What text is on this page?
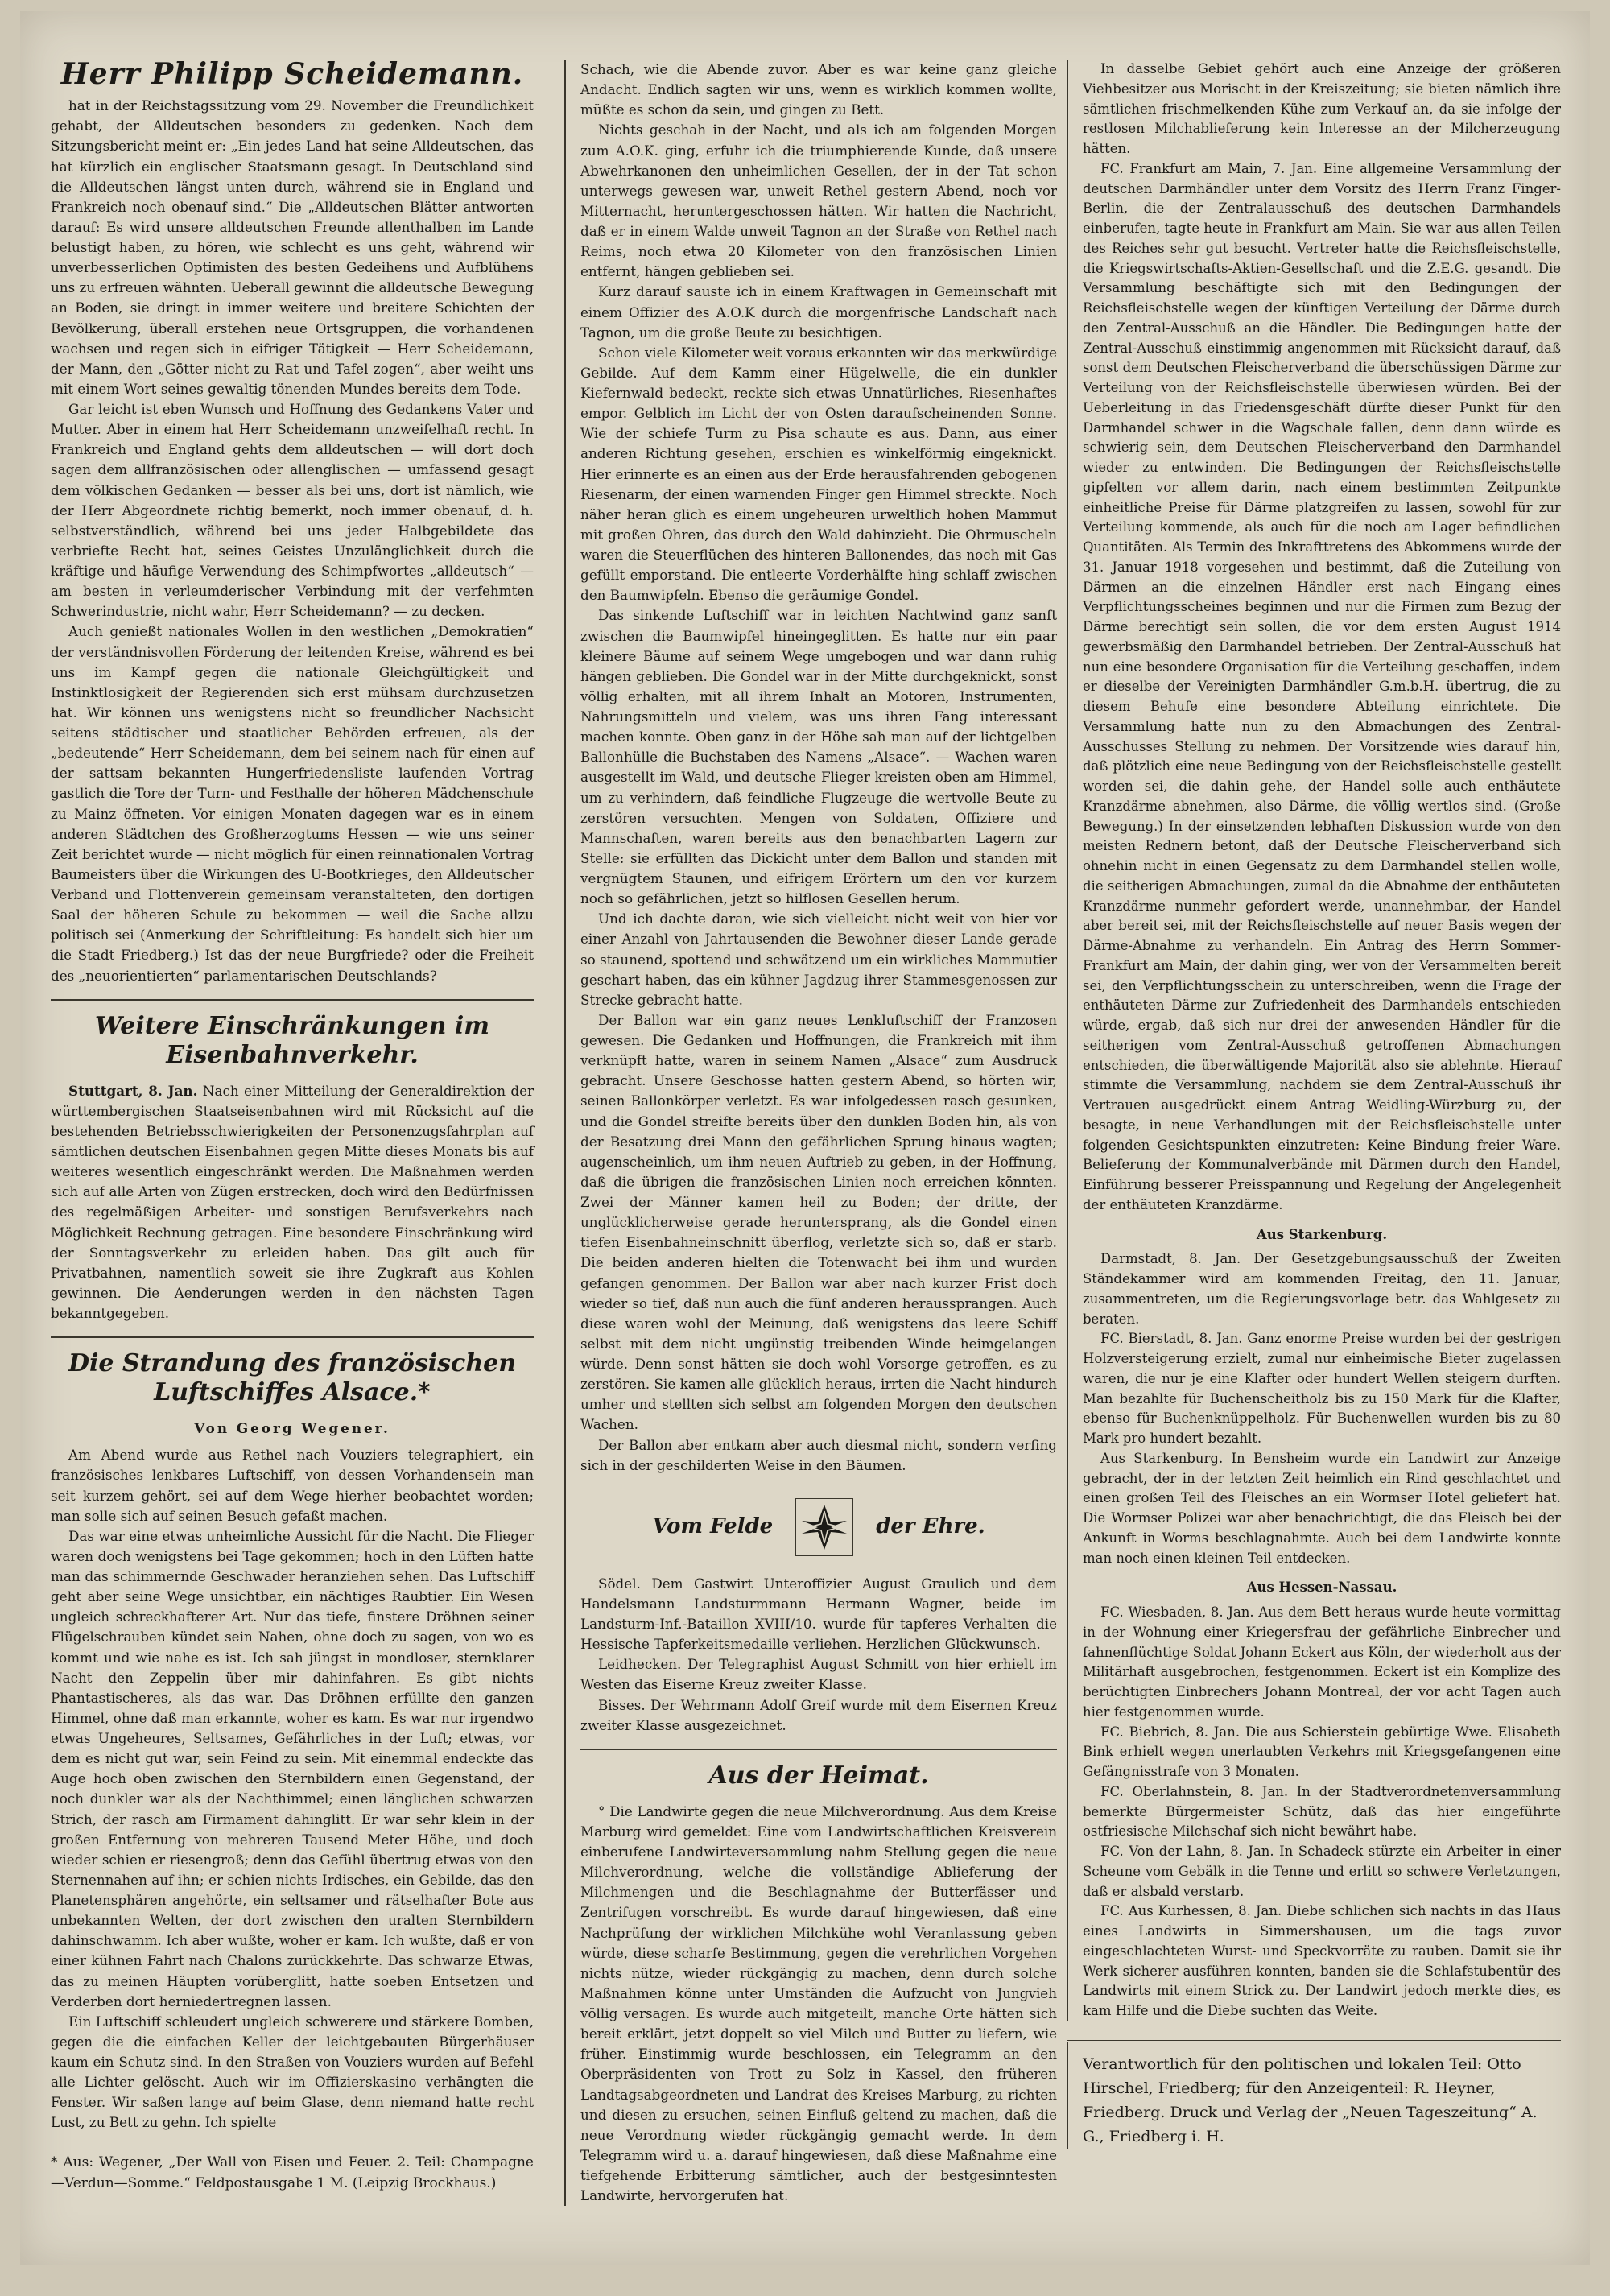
Herr Philipp Scheidemann.

hat in der Reichstagssitzung vom 29. November die Freundlichkeit gehabt, der Alldeutschen besonders zu gedenken. Nach dem Sitzungsbericht meint er: „Ein jedes Land hat seine Alldeutschen, das hat kürzlich ein englischer Staatsmann gesagt. In Deutschland sind die Alldeutschen längst unten durch, während sie in England und Frankreich noch obenauf sind.“ Die „Alldeutschen Blätter antworten darauf: Es wird unsere alldeutschen Freunde allenthalben im Lande belustigt haben, zu hören, wie schlecht es uns geht, während wir unverbesserlichen Optimisten des besten Gedeihens und Aufblühens uns zu erfreuen wähnten. Ueberall gewinnt die alldeutsche Bewegung an Boden, sie dringt in immer weitere und breitere Schichten der Bevölkerung, überall erstehen neue Ortsgruppen, die vorhandenen wachsen und regen sich in eifriger Tätigkeit — Herr Scheidemann, der Mann, den „Götter nicht zu Rat und Tafel zogen“, aber weiht uns mit einem Wort seines gewaltig tönenden Mundes bereits dem Tode.

Gar leicht ist eben Wunsch und Hoffnung des Gedankens Vater und Mutter. Aber in einem hat Herr Scheidemann unzweifelhaft recht. In Frankreich und England gehts dem alldeutschen — will dort doch sagen dem allfranzösischen oder allenglischen — umfassend gesagt dem völkischen Gedanken — besser als bei uns, dort ist nämlich, wie der Herr Abgeordnete richtig bemerkt, noch immer obenauf, d. h. selbstverständlich, während bei uns jeder Halbgebildete das verbriefte Recht hat, seines Geistes Unzulänglichkeit durch die kräftige und häufige Verwendung des Schimpfwortes „alldeutsch“ — am besten in verleumderischer Verbindung mit der verfehmten Schwerindustrie, nicht wahr, Herr Scheidemann? — zu decken.

Auch genießt nationales Wollen in den westlichen „Demokratien“ der verständnisvollen Förderung der leitenden Kreise, während es bei uns im Kampf gegen die nationale Gleichgültigkeit und Instinktlosigkeit der Regierenden sich erst mühsam durchzusetzen hat. Wir können uns wenigstens nicht so freundlicher Nachsicht seitens städtischer und staatlicher Behörden erfreuen, als der „bedeutende“ Herr Scheidemann, dem bei seinem nach für einen auf der sattsam bekannten Hungerfriedensliste laufenden Vortrag gastlich die Tore der Turn- und Festhalle der höheren Mädchenschule zu Mainz öffneten. Vor einigen Monaten dagegen war es in einem anderen Städtchen des Großherzogtums Hessen — wie uns seiner Zeit berichtet wurde — nicht möglich für einen reinnationalen Vortrag Baumeisters über die Wirkungen des U-Bootkrieges, den Alldeutscher Verband und Flottenverein gemeinsam veranstalteten, den dortigen Saal der höheren Schule zu bekommen — weil die Sache allzu politisch sei (Anmerkung der Schriftleitung: Es handelt sich hier um die Stadt Friedberg.) Ist das der neue Burgfriede? oder die Freiheit des „neuorientierten“ parlamentarischen Deutschlands?

Weitere Einschränkungen im Eisenbahnverkehr.

Stuttgart, 8. Jan. Nach einer Mitteilung der Generaldirektion der württembergischen Staatseisenbahnen wird mit Rücksicht auf die bestehenden Betriebsschwierigkeiten der Personenzugsfahrplan auf sämtlichen deutschen Eisenbahnen gegen Mitte dieses Monats bis auf weiteres wesentlich eingeschränkt werden. Die Maßnahmen werden sich auf alle Arten von Zügen erstrecken, doch wird den Bedürfnissen des regelmäßigen Arbeiter- und sonstigen Berufsverkehrs nach Möglichkeit Rechnung getragen. Eine besondere Einschränkung wird der Sonntagsverkehr zu erleiden haben. Das gilt auch für Privatbahnen, namentlich soweit sie ihre Zugkraft aus Kohlen gewinnen. Die Aenderungen werden in den nächsten Tagen bekanntgegeben.

Die Strandung des französischen Luftschiffes Alsace.*
Von Georg Wegener.

Am Abend wurde aus Rethel nach Vouziers telegraphiert, ein französisches lenkbares Luftschiff, von dessen Vorhandensein man seit kurzem gehört, sei auf dem Wege hierher beobachtet worden; man solle sich auf seinen Besuch gefaßt machen.

Das war eine etwas unheimliche Aussicht für die Nacht. Die Flieger waren doch wenigstens bei Tage gekommen; hoch in den Lüften hatte man das schimmernde Geschwader heranziehen sehen. Das Luftschiff geht aber seine Wege unsichtbar, ein nächtiges Raubtier. Ein Wesen ungleich schreckhafterer Art. Nur das tiefe, finstere Dröhnen seiner Flügelschrauben kündet sein Nahen, ohne doch zu sagen, von wo es kommt und wie nahe es ist. Ich sah jüngst in mondloser, sternklarer Nacht den Zeppelin über mir dahinfahren. Es gibt nichts Phantastischeres, als das war. Das Dröhnen erfüllte den ganzen Himmel, ohne daß man erkannte, woher es kam. Es war nur irgendwo etwas Ungeheures, Seltsames, Gefährliches in der Luft; etwas, vor dem es nicht gut war, sein Feind zu sein. Mit einemmal endeckte das Auge hoch oben zwischen den Sternbildern einen Gegenstand, der noch dunkler war als der Nachthimmel; einen länglichen schwarzen Strich, der rasch am Firmament dahinglitt. Er war sehr klein in der großen Entfernung von mehreren Tausend Meter Höhe, und doch wieder schien er riesengroß; denn das Gefühl übertrug etwas von den Sternennahen auf ihn; er schien nichts Irdisches, ein Gebilde, das den Planetensphären angehörte, ein seltsamer und rätselhafter Bote aus unbekannten Welten, der dort zwischen den uralten Sternbildern dahinschwamm. Ich aber wußte, woher er kam. Ich wußte, daß er von einer kühnen Fahrt nach Chalons zurückkehrte. Das schwarze Etwas, das zu meinen Häupten vorüberglitt, hatte soeben Entsetzen und Verderben dort herniedertregnen lassen.

Ein Luftschiff schleudert ungleich schwerere und stärkere Bomben, gegen die die einfachen Keller der leichtgebauten Bürgerhäuser kaum ein Schutz sind. In den Straßen von Vouziers wurden auf Befehl alle Lichter gelöscht. Auch wir im Offizierskasino verhängten die Fenster. Wir saßen lange auf beim Glase, denn niemand hatte recht Lust, zu Bett zu gehn. Ich spielte

* Aus: Wegener, „Der Wall von Eisen und Feuer. 2. Teil: Champagne—Verdun—Somme.“ Feldpostausgabe 1 M. (Leipzig Brockhaus.)

Schach, wie die Abende zuvor. Aber es war keine ganz gleiche Andacht. Endlich sagten wir uns, wenn es wirklich kommen wollte, müßte es schon da sein, und gingen zu Bett.

Nichts geschah in der Nacht, und als ich am folgenden Morgen zum A.O.K. ging, erfuhr ich die triumphierende Kunde, daß unsere Abwehrkanonen den unheimlichen Gesellen, der in der Tat schon unterwegs gewesen war, unweit Rethel gestern Abend, noch vor Mitternacht, heruntergeschossen hätten. Wir hatten die Nachricht, daß er in einem Walde unweit Tagnon an der Straße von Rethel nach Reims, noch etwa 20 Kilometer von den französischen Linien entfernt, hängen geblieben sei.

Kurz darauf sauste ich in einem Kraftwagen in Gemeinschaft mit einem Offizier des A.O.K durch die morgenfrische Landschaft nach Tagnon, um die große Beute zu besichtigen.

Schon viele Kilometer weit voraus erkannten wir das merkwürdige Gebilde. Auf dem Kamm einer Hügelwelle, die ein dunkler Kiefernwald bedeckt, reckte sich etwas Unnatürliches, Riesenhaftes empor. Gelblich im Licht der von Osten daraufscheinenden Sonne. Wie der schiefe Turm zu Pisa schaute es aus. Dann, aus einer anderen Richtung gesehen, erschien es winkelförmig eingeknickt. Hier erinnerte es an einen aus der Erde herausfahrenden gebogenen Riesenarm, der einen warnenden Finger gen Himmel streckte. Noch näher heran glich es einem ungeheuren urweltlich hohen Mammut mit großen Ohren, das durch den Wald dahinzieht. Die Ohrmuscheln waren die Steuerflüchen des hinteren Ballonendes, das noch mit Gas gefüllt emporstand. Die entleerte Vorderhälfte hing schlaff zwischen den Baumwipfeln. Ebenso die geräumige Gondel.

Das sinkende Luftschiff war in leichten Nachtwind ganz sanft zwischen die Baumwipfel hineingeglitten. Es hatte nur ein paar kleinere Bäume auf seinem Wege umgebogen und war dann ruhig hängen geblieben. Die Gondel war in der Mitte durchgeknickt, sonst völlig erhalten, mit all ihrem Inhalt an Motoren, Instrumenten, Nahrungsmitteln und vielem, was uns ihren Fang interessant machen konnte. Oben ganz in der Höhe sah man auf der lichtgelben Ballonhülle die Buchstaben des Namens „Alsace“. — Wachen waren ausgestellt im Wald, und deutsche Flieger kreisten oben am Himmel, um zu verhindern, daß feindliche Flugzeuge die wertvolle Beute zu zerstören versuchten. Mengen von Soldaten, Offiziere und Mannschaften, waren bereits aus den benachbarten Lagern zur Stelle: sie erfüllten das Dickicht unter dem Ballon und standen mit vergnügtem Staunen, und eifrigem Erörtern um den vor kurzem noch so gefährlichen, jetzt so hilflosen Gesellen herum.

Und ich dachte daran, wie sich vielleicht nicht weit von hier vor einer Anzahl von Jahrtausenden die Bewohner dieser Lande gerade so staunend, spottend und schwätzend um ein wirkliches Mammutier geschart haben, das ein kühner Jagdzug ihrer Stammesgenossen zur Strecke gebracht hatte.

Der Ballon war ein ganz neues Lenkluftschiff der Franzosen gewesen. Die Gedanken und Hoffnungen, die Frankreich mit ihm verknüpft hatte, waren in seinem Namen „Alsace“ zum Ausdruck gebracht. Unsere Geschosse hatten gestern Abend, so hörten wir, seinen Ballonkörper verletzt. Es war infolgedessen rasch gesunken, und die Gondel streifte bereits über den dunklen Boden hin, als von der Besatzung drei Mann den gefährlichen Sprung hinaus wagten; augenscheinlich, um ihm neuen Auftrieb zu geben, in der Hoffnung, daß die übrigen die französischen Linien noch erreichen könnten. Zwei der Männer kamen heil zu Boden; der dritte, der unglücklicherweise gerade heruntersprang, als die Gondel einen tiefen Eisenbahneinschnitt überflog, verletzte sich so, daß er starb. Die beiden anderen hielten die Totenwacht bei ihm und wurden gefangen genommen. Der Ballon war aber nach kurzer Frist doch wieder so tief, daß nun auch die fünf anderen heraussprangen. Auch diese waren wohl der Meinung, daß wenigstens das leere Schiff selbst mit dem nicht ungünstig treibenden Winde heimgelangen würde. Denn sonst hätten sie doch wohl Vorsorge getroffen, es zu zerstören. Sie kamen alle glücklich heraus, irrten die Nacht hindurch umher und stellten sich selbst am folgenden Morgen den deutschen Wachen.

Der Ballon aber entkam aber auch diesmal nicht, sondern verfing sich in der geschilderten Weise in den Bäumen.

Vom Felde	der Ehre.

Södel. Dem Gastwirt Unteroffizier August Graulich und dem Handelsmann Landsturmmann Hermann Wagner, beide im Landsturm-Inf.-Bataillon XVIII/10. wurde für tapferes Verhalten die Hessische Tapferkeitsmedaille verliehen. Herzlichen Glückwunsch.

Leidhecken. Der Telegraphist August Schmitt von hier erhielt im Westen das Eiserne Kreuz zweiter Klasse.

Bisses. Der Wehrmann Adolf Greif wurde mit dem Eisernen Kreuz zweiter Klasse ausgezeichnet.

Aus der Heimat.

° Die Landwirte gegen die neue Milchverordnung. Aus dem Kreise Marburg wird gemeldet: Eine vom Landwirtschaftlichen Kreisverein einberufene Landwirteversammlung nahm Stellung gegen die neue Milchverordnung, welche die vollständige Ablieferung der Milchmengen und die Beschlagnahme der Butterfässer und Zentrifugen vorschreibt. Es wurde darauf hingewiesen, daß eine Nachprüfung der wirklichen Milchkühe wohl Veranlassung geben würde, diese scharfe Bestimmung, gegen die verehrlichen Vorgehen nichts nütze, wieder rückgängig zu machen, denn durch solche Maßnahmen könne unter Umständen die Aufzucht von Jungvieh völlig versagen. Es wurde auch mitgeteilt, manche Orte hätten sich bereit erklärt, jetzt doppelt so viel Milch und Butter zu liefern, wie früher. Einstimmig wurde beschlossen, ein Telegramm an den Oberpräsidenten von Trott zu Solz in Kassel, den früheren Landtagsabgeordneten und Landrat des Kreises Marburg, zu richten und diesen zu ersuchen, seinen Einfluß geltend zu machen, daß die neue Verordnung wieder rückgängig gemacht werde. In dem Telegramm wird u. a. darauf hingewiesen, daß diese Maßnahme eine tiefgehende Erbitterung sämtlicher, auch der bestgesinntesten Landwirte, hervorgerufen hat.

In dasselbe Gebiet gehört auch eine Anzeige der größeren Viehbesitzer aus Morischt in der Kreiszeitung; sie bieten nämlich ihre sämtlichen frischmelkenden Kühe zum Verkauf an, da sie infolge der restlosen Milchablieferung kein Interesse an der Milcherzeugung hätten.

FC. Frankfurt am Main, 7. Jan. Eine allgemeine Versammlung der deutschen Darmhändler unter dem Vorsitz des Herrn Franz Finger-Berlin, die der Zentralausschuß des deutschen Darmhandels einberufen, tagte heute in Frankfurt am Main. Sie war aus allen Teilen des Reiches sehr gut besucht. Vertreter hatte die Reichsfleischstelle, die Kriegswirtschafts-Aktien-Gesellschaft und die Z.E.G. gesandt. Die Versammlung beschäftigte sich mit den Bedingungen der Reichsfleischstelle wegen der künftigen Verteilung der Därme durch den Zentral-Ausschuß an die Händler. Die Bedingungen hatte der Zentral-Ausschuß einstimmig angenommen mit Rücksicht darauf, daß sonst dem Deutschen Fleischerverband die überschüssigen Därme zur Verteilung von der Reichsfleischstelle überwiesen würden. Bei der Ueberleitung in das Friedensgeschäft dürfte dieser Punkt für den Darmhandel schwer in die Wagschale fallen, denn dann würde es schwierig sein, dem Deutschen Fleischerverband den Darmhandel wieder zu entwinden. Die Bedingungen der Reichsfleischstelle gipfelten vor allem darin, nach einem bestimmten Zeitpunkte einheitliche Preise für Därme platzgreifen zu lassen, sowohl für zur Verteilung kommende, als auch für die noch am Lager befindlichen Quantitäten. Als Termin des Inkrafttretens des Abkommens wurde der 31. Januar 1918 vorgesehen und bestimmt, daß die Zuteilung von Därmen an die einzelnen Händler erst nach Eingang eines Verpflichtungsscheines beginnen und nur die Firmen zum Bezug der Därme berechtigt sein sollen, die vor dem ersten August 1914 gewerbsmäßig den Darmhandel betrieben. Der Zentral-Ausschuß hat nun eine besondere Organisation für die Verteilung geschaffen, indem er dieselbe der Vereinigten Darmhändler G.m.b.H. übertrug, die zu diesem Behufe eine besondere Abteilung einrichtete. Die Versammlung hatte nun zu den Abmachungen des Zentral-Ausschusses Stellung zu nehmen. Der Vorsitzende wies darauf hin, daß plötzlich eine neue Bedingung von der Reichsfleischstelle gestellt worden sei, die dahin gehe, der Handel solle auch enthäutete Kranzdärme abnehmen, also Därme, die völlig wertlos sind. (Große Bewegung.) In der einsetzenden lebhaften Diskussion wurde von den meisten Rednern betont, daß der Deutsche Fleischerverband sich ohnehin nicht in einen Gegensatz zu dem Darmhandel stellen wolle, die seitherigen Abmachungen, zumal da die Abnahme der enthäuteten Kranzdärme nunmehr gefordert werde, unannehmbar, der Handel aber bereit sei, mit der Reichsfleischstelle auf neuer Basis wegen der Därme-Abnahme zu verhandeln. Ein Antrag des Herrn Sommer-Frankfurt am Main, der dahin ging, wer von der Versammelten bereit sei, den Verpflichtungsschein zu unterschreiben, wenn die Frage der enthäuteten Därme zur Zufriedenheit des Darmhandels entschieden würde, ergab, daß sich nur drei der anwesenden Händler für die seitherigen vom Zentral-Ausschuß getroffenen Abmachungen entschieden, die überwältigende Majorität also sie ablehnte. Hierauf stimmte die Versammlung, nachdem sie dem Zentral-Ausschuß ihr Vertrauen ausgedrückt einem Antrag Weidling-Würzburg zu, der besagte, in neue Verhandlungen mit der Reichsfleischstelle unter folgenden Gesichtspunkten einzutreten: Keine Bindung freier Ware. Belieferung der Kommunalverbände mit Därmen durch den Handel, Einführung besserer Preisspannung und Regelung der Angelegenheit der enthäuteten Kranzdärme.

Aus Starkenburg.

Darmstadt, 8. Jan. Der Gesetzgebungsausschuß der Zweiten Ständekammer wird am kommenden Freitag, den 11. Januar, zusammentreten, um die Regierungsvorlage betr. das Wahlgesetz zu beraten.

FC. Bierstadt, 8. Jan. Ganz enorme Preise wurden bei der gestrigen Holzversteigerung erzielt, zumal nur einheimische Bieter zugelassen waren, die nur je eine Klafter oder hundert Wellen steigern durften. Man bezahlte für Buchenscheitholz bis zu 150 Mark für die Klafter, ebenso für Buchenknüppelholz. Für Buchenwellen wurden bis zu 80 Mark pro hundert bezahlt.

Aus Starkenburg. In Bensheim wurde ein Landwirt zur Anzeige gebracht, der in der letzten Zeit heimlich ein Rind geschlachtet und einen großen Teil des Fleisches an ein Wormser Hotel geliefert hat. Die Wormser Polizei war aber benachrichtigt, die das Fleisch bei der Ankunft in Worms beschlagnahmte. Auch bei dem Landwirte konnte man noch einen kleinen Teil entdecken.

Aus Hessen-Nassau.

FC. Wiesbaden, 8. Jan. Aus dem Bett heraus wurde heute vormittag in der Wohnung einer Kriegersfrau der gefährliche Einbrecher und fahnenflüchtige Soldat Johann Eckert aus Köln, der wiederholt aus der Militärhaft ausgebrochen, festgenommen. Eckert ist ein Komplize des berüchtigten Einbrechers Johann Montreal, der vor acht Tagen auch hier festgenommen wurde.

FC. Biebrich, 8. Jan. Die aus Schierstein gebürtige Wwe. Elisabeth Bink erhielt wegen unerlaubten Verkehrs mit Kriegsgefangenen eine Gefängnisstrafe von 3 Monaten.

FC. Oberlahnstein, 8. Jan. In der Stadtverordnetenversammlung bemerkte Bürgermeister Schütz, daß das hier eingeführte ostfriesische Milchschaf sich nicht bewährt habe.

FC. Von der Lahn, 8. Jan. In Schadeck stürzte ein Arbeiter in einer Scheune vom Gebälk in die Tenne und erlitt so schwere Verletzungen, daß er alsbald verstarb.

FC. Aus Kurhessen, 8. Jan. Diebe schlichen sich nachts in das Haus eines Landwirts in Simmershausen, um die tags zuvor eingeschlachteten Wurst- und Speckvorräte zu rauben. Damit sie ihr Werk sicherer ausführen konnten, banden sie die Schlafstubentür des Landwirts mit einem Strick zu. Der Landwirt jedoch merkte dies, es kam Hilfe und die Diebe suchten das Weite.

Verantwortlich für den politischen und lokalen Teil: Otto Hirschel, Friedberg; für den Anzeigenteil: R. Heyner, Friedberg. Druck und Verlag der „Neuen Tageszeitung“ A. G., Friedberg i. H.
